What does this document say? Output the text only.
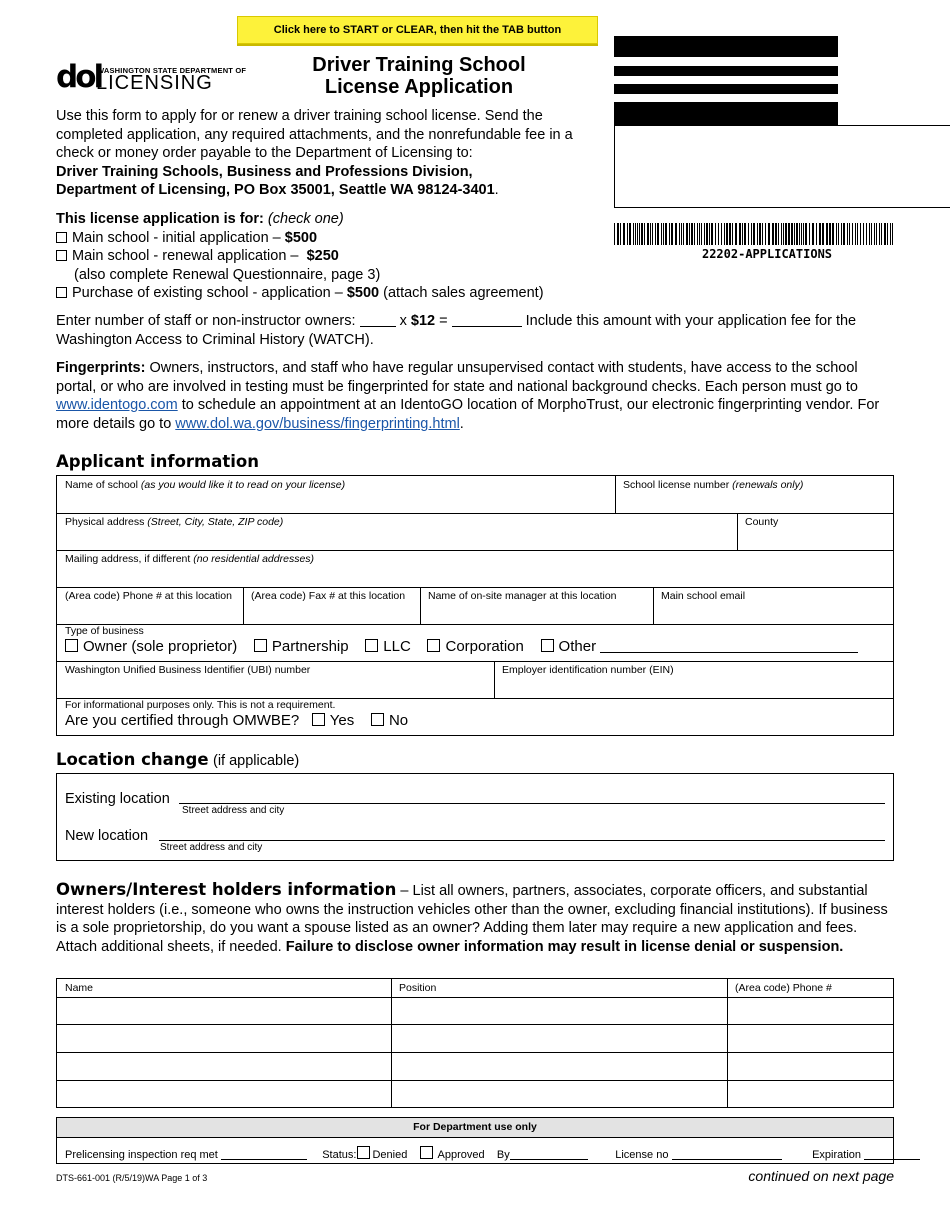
Click here to START or CLEAR, then hit the TAB button
dol
WASHINGTON STATE DEPARTMENT OF
LICENSING
Driver Training School
License Application
22202-APPLICATIONS
Use this form to apply for or renew a driver training school license. Send the completed application, any required attachments, and the nonrefundable fee in a check or money order payable to the Department of Licensing to:
Driver Training Schools, Business and Professions Division,
Department of Licensing, PO Box 35001, Seattle WA 98124-3401.
This license application is for: (check one)
Main school - initial application – $500
Main school - renewal application – $250
(also complete Renewal Questionnaire, page 3)
Purchase of existing school - application – $500 (attach sales agreement)
Enter number of staff or non-instructor owners:	x $12 =	Include this amount with your application fee for the Washington Access to Criminal History (WATCH).
Fingerprints: Owners, instructors, and staff who have regular unsupervised contact with students, have access to the school portal, or who are involved in testing must be fingerprinted for state and national background checks. Each person must go to www.identogo.com to schedule an appointment at an IdentoGO location of MorphoTrust, our electronic fingerprinting vendor. For more details go to www.dol.wa.gov/business/fingerprinting.html.
Applicant information
Name of school (as you would like it to read on your license)	School license number (renewals only)
Physical address (Street, City, State, ZIP code)	County
Mailing address, if different (no residential addresses)
(Area code) Phone # at this location	(Area code) Fax # at this location	Name of on-site manager at this location	Main school email
Type of business
Owner (sole proprietor) Partnership LLC Corporation Other
Washington Unified Business Identifier (UBI) number	Employer identification number (EIN)
For informational purposes only. This is not a requirement.
Are you certified through OMWBE? Yes No
Location change (if applicable)
Existing location
Street address and city
New location
Street address and city
Owners/Interest holders information – List all owners, partners, associates, corporate officers, and substantial interest holders (i.e., someone who owns the instruction vehicles other than the owner, excluding financial institutions). If business is a sole proprietorship, do you want a spouse listed as an owner? Adding them later may require a new application and fees. Attach additional sheets, if needed. Failure to disclose owner information may result in license denial or suspension.
Name	Position	(Area code) Phone #
For Department use only
Prelicensing inspection req met	Status: Denied	Approved By	License no	Expiration
DTS-661-001 (R/5/19)WA Page 1 of 3	continued on next page
